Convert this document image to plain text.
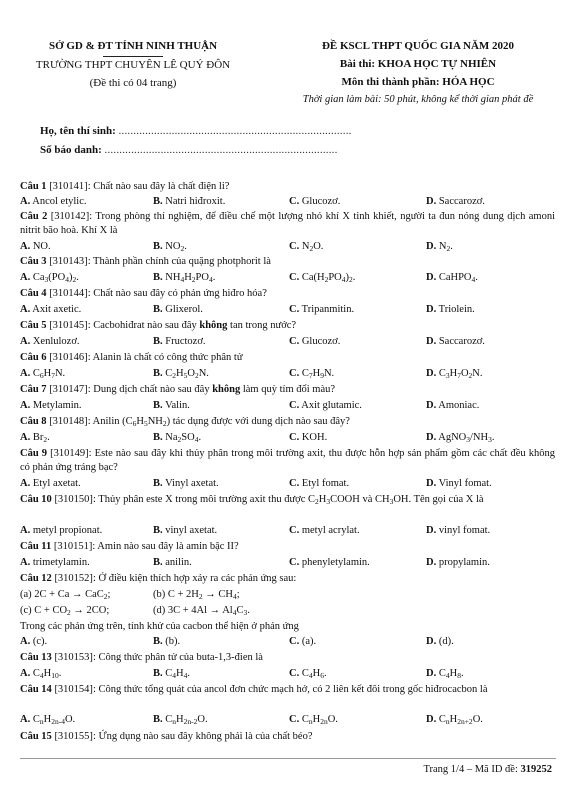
SỞ GD & ĐT TỈNH NINH THUẬN
TRƯỜNG THPT CHUYÊN LÊ QUÝ ĐÔN
(Đề thi có 04 trang)
ĐỀ KSCL THPT QUỐC GIA NĂM 2020
Bài thi: KHOA HỌC TỰ NHIÊN
Môn thi thành phần: HÓA HỌC
Thời gian làm bài: 50 phút, không kể thời gian phát đề
Họ, tên thí sinh: ...............................................................................
Số báo danh: ...............................................................................
Câu 1 [310141]: Chất nào sau đây là chất điện li?
A. Ancol etylic.	B. Natri hiđroxit.	C. Glucozơ.	D. Saccarozơ.
Câu 2 [310142]: Trong phòng thí nghiệm, để điều chế một lượng nhỏ khí X tinh khiết, người ta đun nóng dung dịch amoni nitrit bão hoà. Khí X là
A. NO.	B. $NO_2$.	C. $N_2O$.	D. $N_2$.
Câu 3 [310143]: Thành phần chính của quặng photphorit là
A. $Ca_3(PO_4)_2$.	B. $NH_4H_2PO_4$.	C. $Ca(H_2PO_4)_2$.	D. CaHPO$_4$.
Câu 4 [310144]: Chất nào sau đây có phản ứng hiđro hóa?
A. Axit axetic.	B. Glixerol.	C. Tripanmitin.	D. Triolein.
Câu 5 [310145]: Cacbohiđrat nào sau đây không tan trong nước?
A. Xenlulozơ.	B. Fructozơ.	C. Glucozơ.	D. Saccarozơ.
Câu 6 [310146]: Alanin là chất có công thức phân tử
A. $C_6H_7N$.	B. $C_2H_5O_2N$.	C. $C_7H_9N$.	D. $C_3H_7O_2N$.
Câu 7 [310147]: Dung dịch chất nào sau đây không làm quỳ tím đổi màu?
A. Metylamin.	B. Valin.	C. Axit glutamic.	D. Amoniac.
Câu 8 [310148]: Anilin $(C_6H_5NH_2)$ tác dụng được với dung dịch nào sau đây?
A. $Br_2$.	B. $Na_2SO_4$.	C. KOH.	D. $AgNO_3/NH_3$.
Câu 9 [310149]: Este nào sau đây khi thủy phân trong môi trường axit, thu được hỗn hợp sản phẩm gồm các chất đều không có phản ứng tráng bạc?
A. Etyl axetat.	B. Vinyl axetat.	C. Etyl fomat.	D. Vinyl fomat.
Câu 10 [310150]: Thủy phân este X trong môi trường axit thu được $C_2H_3COOH$ và $CH_3OH$. Tên gọi của X là
A. metyl propionat.	B. vinyl axetat.	C. metyl acrylat.	D. vinyl fomat.
Câu 11 [310151]: Amin nào sau đây là amin bậc II?
A. trimetylamin.	B. anilin.	C. phenyletylamin.	D. propylamin.
Câu 12 [310152]: Ở điều kiện thích hợp xảy ra các phản ứng sau:
(a) 2C + Ca → CaC$_2$;	(b) $C + 2H_2 \to CH_4$;
(c) $C + CO_2 \to 2CO$;	(d) $3C + 4Al \to Al_4C_3$.
Trong các phản ứng trên, tính khử của cacbon thể hiện ở phản ứng
A. (c).	B. (b).	C. (a).	D. (d).
Câu 13 [310153]: Công thức phân tử của buta-1,3-đien là
A. $C_4H_{10}$.	B. $C_4H_4$.	C. $C_4H_6$.	D. $C_4H_8$.
Câu 14 [310154]: Công thức tổng quát của ancol đơn chức mạch hở, có 2 liên kết đôi trong gốc hiđrocacbon là
A. $C_nH_{2n-4}O$.	B. $C_nH_{2n-2}O$.	C. $C_nH_{2n}O$.	D. $C_nH_{2n+2}O$.
Câu 15 [310155]: Ứng dụng nào sau đây không phải là của chất béo?
Trang 1/4 – Mã ID đề: 319252
